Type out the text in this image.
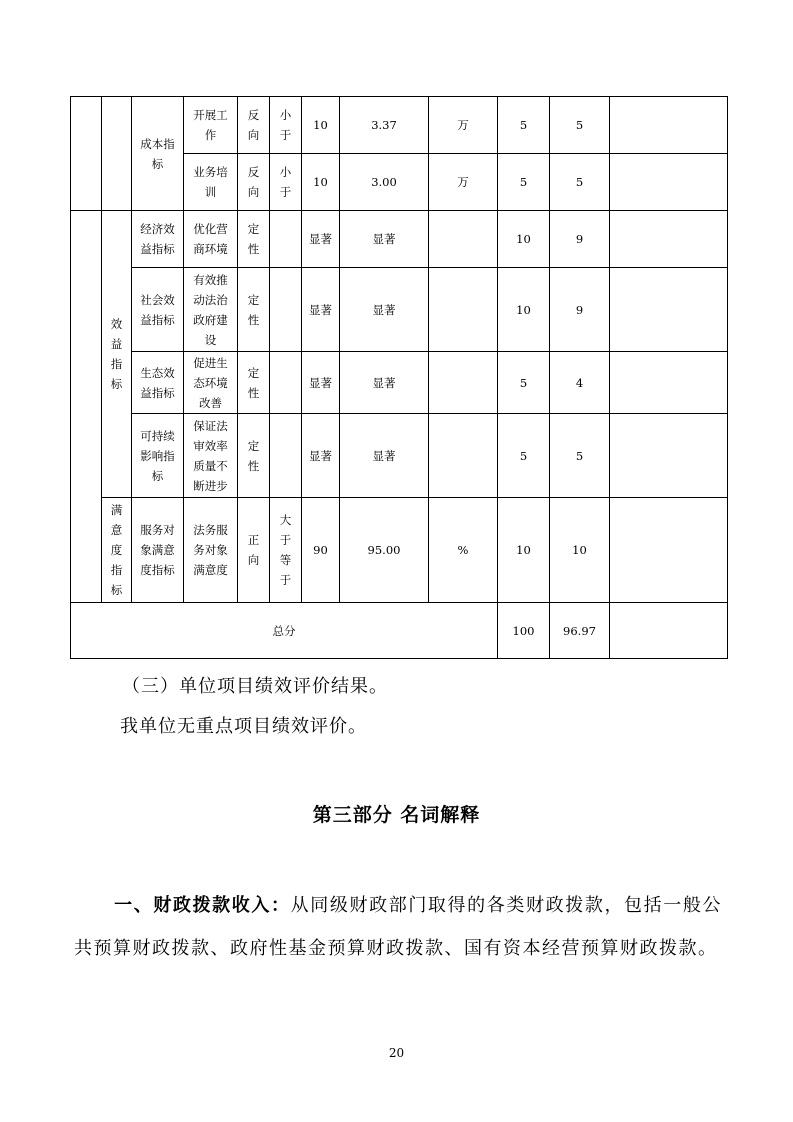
		成本指标	开展工作	反向	小于	10	3.37	万	5	5	

			业务培训	反向	小于	10	3.00	万	5	5	

	效益指标	经济效益指标	优化营商环境	定性		显著	显著		10	9	

		社会效益指标	有效推动法治政府建设	定性		显著	显著		10	9	

		生态效益指标	促进生态环境改善	定性		显著	显著		5	4	

		可持续影响指标	保证法审效率质量不断进步	定性		显著	显著		5	5	

	满意度指标	服务对象满意度指标	法务服务对象满意度	正向	大于等于	90	95.00	%	10	10	
总分									100	96.97	

（三）单位项目绩效评价结果。

我单位无重点项目绩效评价。

第三部分 名词解释

一、财政拨款收入：从同级财政部门取得的各类财政拨款，包括一般公共预算财政拨款、政府性基金预算财政拨款、国有资本经营预算财政拨款。

20
